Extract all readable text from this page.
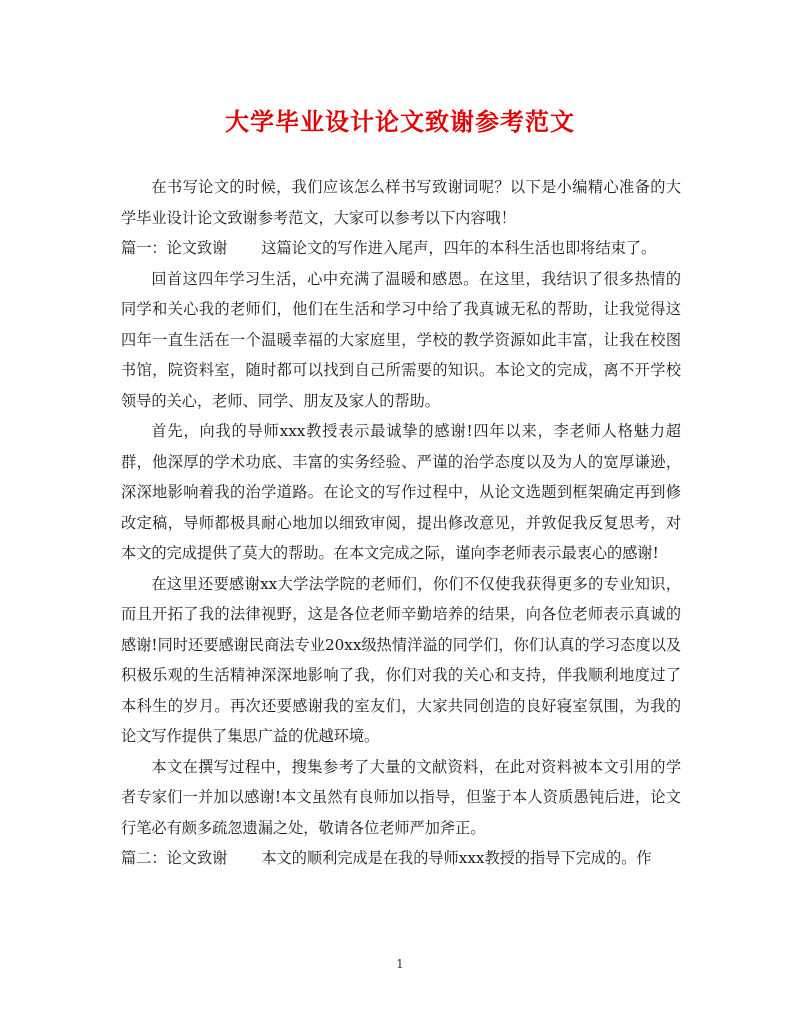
大学毕业设计论文致谢参考范文

在书写论文的时候，我们应该怎么样书写致谢词呢？以下是小编精心准备的大学毕业设计论文致谢参考范文，大家可以参考以下内容哦！

篇一：论文致谢 这篇论文的写作进入尾声，四年的本科生活也即将结束了。

回首这四年学习生活，心中充满了温暖和感恩。在这里，我结识了很多热情的同学和关心我的老师们，他们在生活和学习中给了我真诚无私的帮助，让我觉得这四年一直生活在一个温暖幸福的大家庭里，学校的教学资源如此丰富，让我在校图书馆，院资料室，随时都可以找到自己所需要的知识。本论文的完成，离不开学校领导的关心，老师、同学、朋友及家人的帮助。

首先，向我的导师xxx教授表示最诚挚的感谢!四年以来，李老师人格魅力超群，他深厚的学术功底、丰富的实务经验、严谨的治学态度以及为人的宽厚谦逊，深深地影响着我的治学道路。在论文的写作过程中，从论文选题到框架确定再到修改定稿，导师都极具耐心地加以细致审阅，提出修改意见，并敦促我反复思考，对本文的完成提供了莫大的帮助。在本文完成之际，谨向李老师表示最衷心的感谢!

在这里还要感谢xx大学法学院的老师们，你们不仅使我获得更多的专业知识，而且开拓了我的法律视野，这是各位老师辛勤培养的结果，向各位老师表示真诚的感谢!同时还要感谢民商法专业20xx级热情洋溢的同学们，你们认真的学习态度以及积极乐观的生活精神深深地影响了我，你们对我的关心和支持，伴我顺利地度过了本科生的岁月。再次还要感谢我的室友们，大家共同创造的良好寝室氛围，为我的论文写作提供了集思广益的优越环境。

本文在撰写过程中，搜集参考了大量的文献资料，在此对资料被本文引用的学者专家们一并加以感谢!本文虽然有良师加以指导，但鉴于本人资质愚钝后进，论文行笔必有颇多疏忽遗漏之处，敬请各位老师严加斧正。

篇二：论文致谢 本文的顺利完成是在我的导师xxx教授的指导下完成的。作

1
